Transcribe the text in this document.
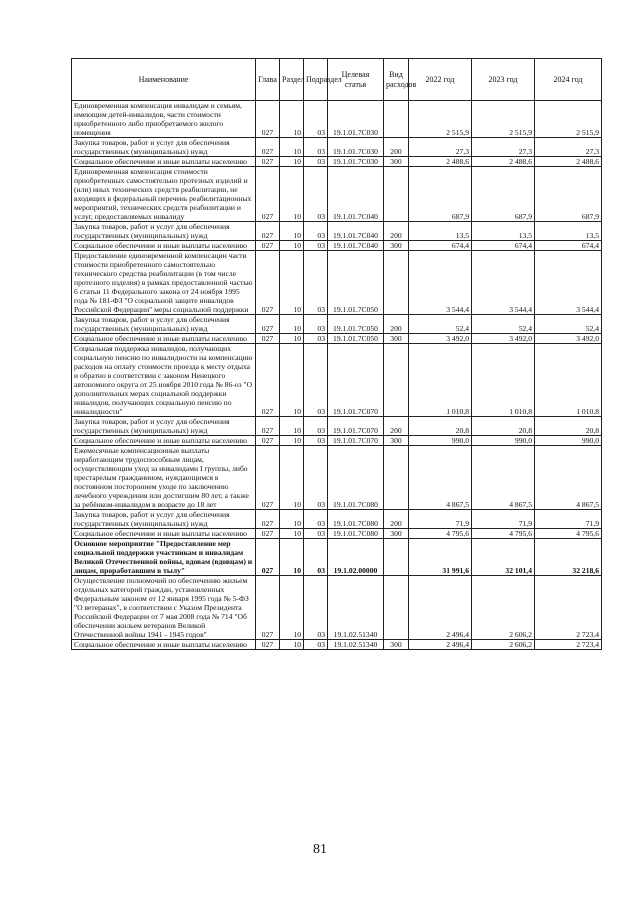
Наименование	Глава	Раздел	Подраздел	Целевая статья	Вид расходов	2022 год	2023 год	2024 год
Единовременная компенсация инвалидам и семьям, имеющим детей-инвалидов, части стоимости приобретенного либо приобретаемого жилого помещения	027	10	03	19.1.01.7С030		2 515,9	2 515,9	2 515,9
Закупка товаров, работ и услуг для обеспечения государственных (муниципальных) нужд	027	10	03	19.1.01.7С030	200	27,3	27,3	27,3
Социальное обеспечение и иные выплаты населению	027	10	03	19.1.01.7С030	300	2 488,6	2 488,6	2 488,6
Единовременная компенсация стоимости приобретенных самостоятельно протезных изделий и (или) иных технических средств реабилитации, не входящих в федеральный перечень реабилитационных мероприятий, технических средств реабилитации и услуг, предоставляемых инвалиду	027	10	03	19.1.01.7С040		687,9	687,9	687,9
Закупка товаров, работ и услуг для обеспечения государственных (муниципальных) нужд	027	10	03	19.1.01.7С040	200	13,5	13,5	13,5
Социальное обеспечение и иные выплаты населению	027	10	03	19.1.01.7С040	300	674,4	674,4	674,4
Предоставление единовременной компенсации части стоимости приобретенного самостоятельно технического средства реабилитации (в том числе протезного изделия) в рамках предоставленной частью 6 статьи 11 Федерального закона от 24 ноября 1995 года № 181-ФЗ "О социальной защите инвалидов Российской Федерации" меры социальной поддержки	027	10	03	19.1.01.7С050		3 544,4	3 544,4	3 544,4
Закупка товаров, работ и услуг для обеспечения государственных (муниципальных) нужд	027	10	03	19.1.01.7С050	200	52,4	52,4	52,4
Социальное обеспечение и иные выплаты населению	027	10	03	19.1.01.7С050	300	3 492,0	3 492,0	3 492,0
Социальная поддержка инвалидов, получающих социальную пенсию по инвалидности на компенсацию расходов на оплату стоимости проезда к месту отдыха и обратно в соответствии с законом Ненецкого автономного округа от 25 ноября 2010 года № 86-оз "О дополнительных мерах социальной поддержки инвалидов, получающих социальную пенсию по инвалидности"	027	10	03	19.1.01.7С070		1 010,8	1 010,8	1 010,8
Закупка товаров, работ и услуг для обеспечения государственных (муниципальных) нужд	027	10	03	19.1.01.7С070	200	20,8	20,8	20,8
Социальное обеспечение и иные выплаты населению	027	10	03	19.1.01.7С070	300	990,0	990,0	990,0
Ежемесячные компенсационные выплаты неработающим трудоспособным лицам, осуществляющим уход за инвалидами I группы, либо престарелым гражданином, нуждающимся в постоянном постороннем уходе по заключению лечебного учреждения или достигшим 80 лет, а также за ребёнком-инвалидом в возрасте до 18 лет	027	10	03	19.1.01.7С080		4 867,5	4 867,5	4 867,5
Закупка товаров, работ и услуг для обеспечения государственных (муниципальных) нужд	027	10	03	19.1.01.7С080	200	71,9	71,9	71,9
Социальное обеспечение и иные выплаты населению	027	10	03	19.1.01.7С080	300	4 795,6	4 795,6	4 795,6
Основное мероприятие "Предоставление мер социальной поддержки участникам и инвалидам Великой Отечественной войны, вдовам (вдовцам) и лицам, проработавшим в тылу"	027	10	03	19.1.02.00000		31 991,6	32 101,4	32 218,6
Осуществление полномочий по обеспечению жильем отдельных категорий граждан, установленных Федеральным законом от 12 января 1995 года № 5-ФЗ "О ветеранах", в соответствии с Указом Президента Российской Федерации от 7 мая 2008 года № 714 "Об обеспечении жильем ветеранов Великой Отечественной войны 1941 - 1945 годов"	027	10	03	19.1.02.51340		2 496,4	2 606,2	2 723,4
Социальное обеспечение и иные выплаты населению	027	10	03	19.1.02.51340	300	2 496,4	2 606,2	2 723,4
81
